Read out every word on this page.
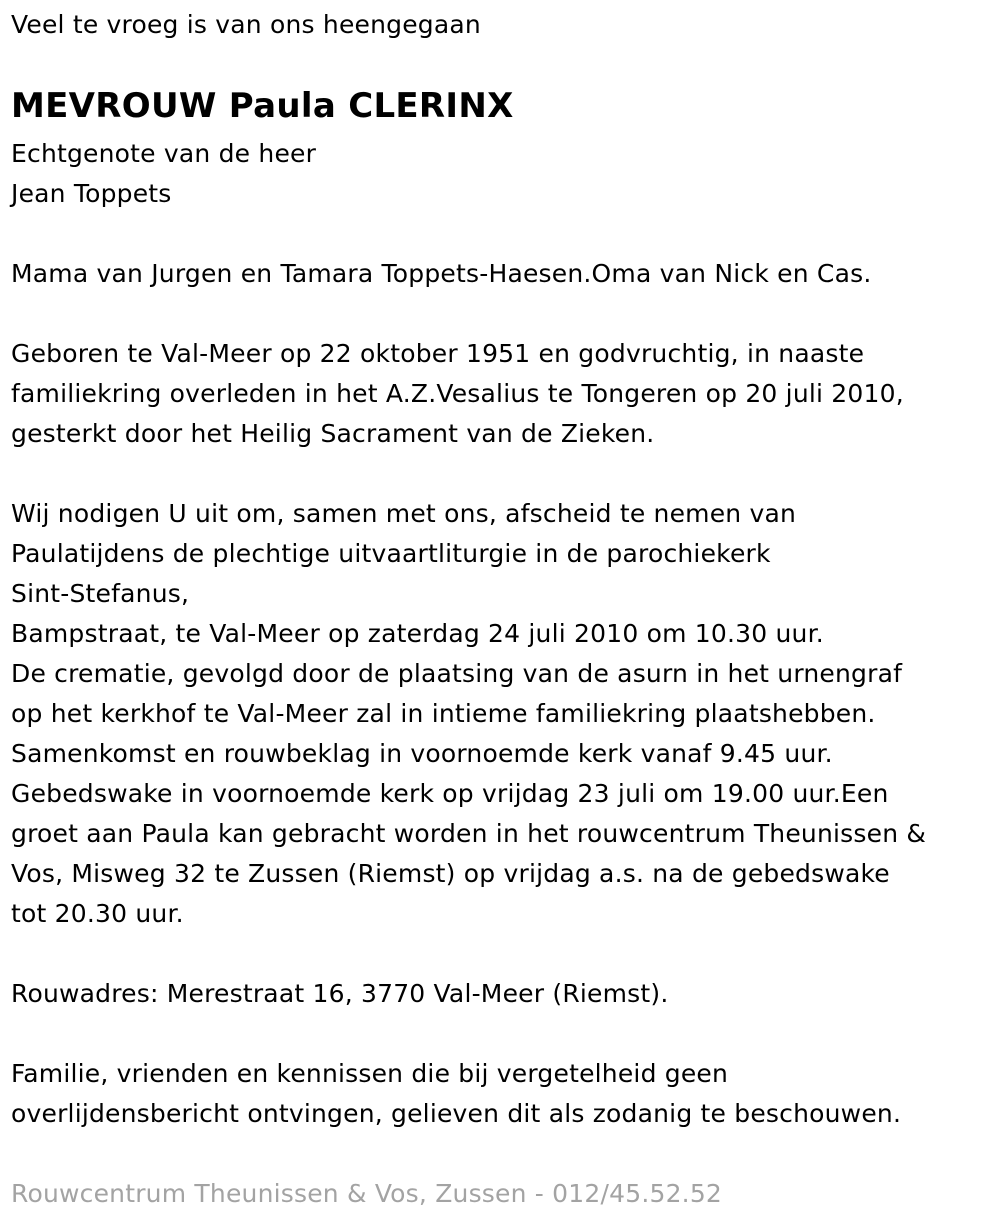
Veel te vroeg is van ons heengegaan
MEVROUW Paula CLERINX
Echtgenote van de heer
Jean Toppets
Mama van Jurgen en Tamara Toppets-Haesen.Oma van Nick en Cas.
Geboren te Val-Meer op 22 oktober 1951 en godvruchtig, in naaste
familiekring overleden in het A.Z.Vesalius te Tongeren op 20 juli 2010,
gesterkt door het Heilig Sacrament van de Zieken.
Wij nodigen U uit om, samen met ons, afscheid te nemen van
Paulatijdens de plechtige uitvaartliturgie in de parochiekerk
Sint-Stefanus,
Bampstraat, te Val-Meer op zaterdag 24 juli 2010 om 10.30 uur.
De crematie, gevolgd door de plaatsing van de asurn in het urnengraf
op het kerkhof te Val-Meer zal in intieme familiekring plaatshebben.
Samenkomst en rouwbeklag in voornoemde kerk vanaf 9.45 uur.
Gebedswake in voornoemde kerk op vrijdag 23 juli om 19.00 uur.Een
groet aan Paula kan gebracht worden in het rouwcentrum Theunissen &
Vos, Misweg 32 te Zussen (Riemst) op vrijdag a.s. na de gebedswake
tot 20.30 uur.
Rouwadres: Merestraat 16, 3770 Val-Meer (Riemst).
Familie, vrienden en kennissen die bij vergetelheid geen
overlijdensbericht ontvingen, gelieven dit als zodanig te beschouwen.
Rouwcentrum Theunissen & Vos, Zussen - 012/45.52.52
